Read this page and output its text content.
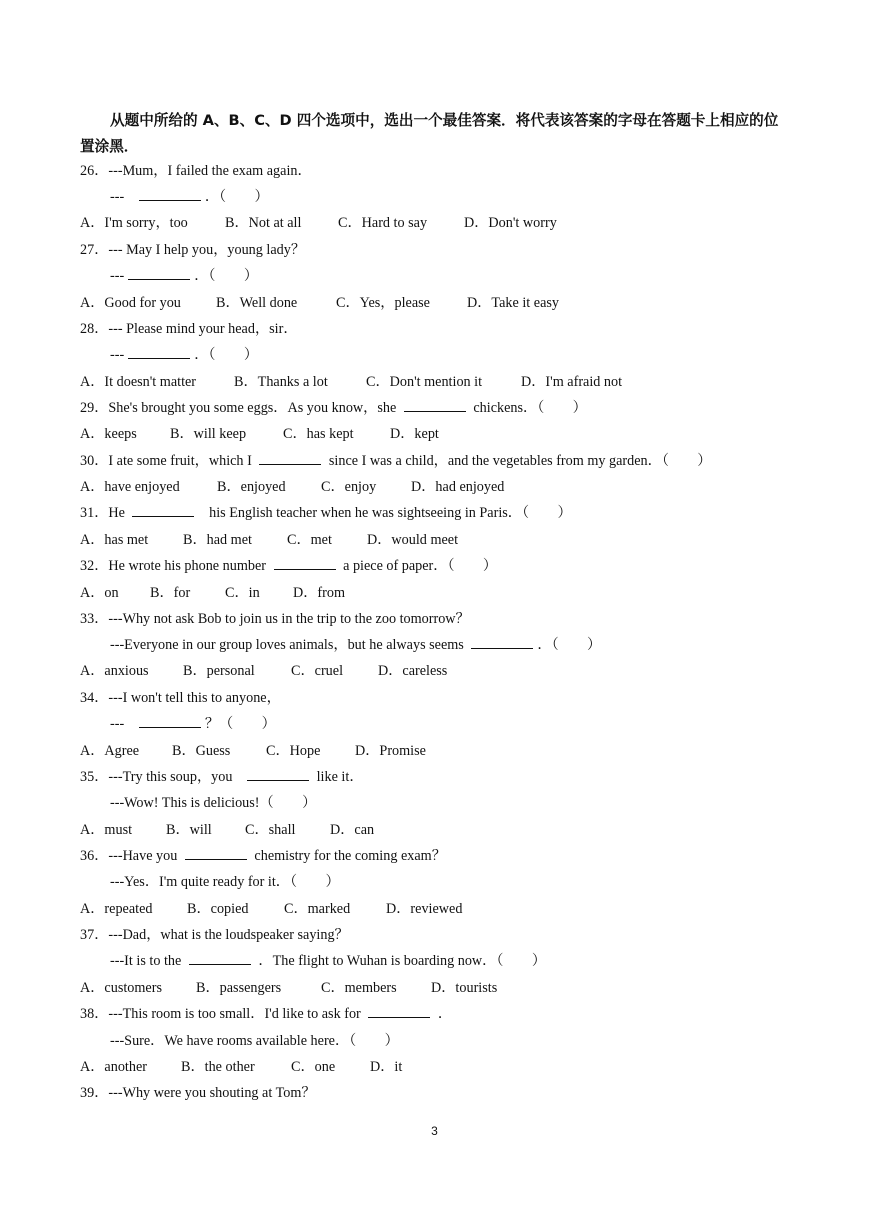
从题中所给的 A、B、C、D 四个选项中，选出一个最佳答案．将代表该答案的字母在答题卡上相应的位置涂黑．
26．---Mum，I failed the exam again．
---	．（　　）

A．I'm sorry，too

	B．Not at all

	C．Hard to say

	D．Don't worry

27．--- May I help you，young lady？
---	．（　　）

A．Good for you

B．Well done

	C．Yes，please

	D．Take it easy

28．--- Please mind your head，sir．
---	．（　　）

A．It doesn't matter

	B．Thanks a lot

	C．Don't mention it

	D．I'm afraid not

29．She's brought you some eggs．As you know，she	chickens．（　　）

A．keeps

B．will keep

	C．has kept

	D．kept

30．I ate some fruit，which I	since I was a child，and the vegetables from my garden．（　　）

A．have enjoyed

	B．enjoyed

C．enjoy

D．had enjoyed

31．He	his English teacher when he was sightseeing in Paris．（　　）

A．has met

B．had met

C．met

D．would meet

32．He wrote his phone number	a piece of paper．（　　）

A．on

B．for

C．in

D．from

33．---Why not ask Bob to join us in the trip to the zoo tomorrow？
---Everyone in our group loves animals，but he always seems	．（　　）

A．anxious

B．personal

	C．cruel

D．careless

34．---I won't tell this to anyone，
---	？（　　）

A．Agree

B．Guess

	C．Hope

D．Promise

35．---Try this soup，you	like it．
---Wow! This is delicious!（　　）

A．must

B．will

C．shall

D．can

36．---Have you	chemistry for the coming exam？
---Yes．I'm quite ready for it．（　　）

A．repeated

B．copied

	C．marked

	D．reviewed

37．---Dad，what is the loudspeaker saying？
---It is to the	．The flight to Wuhan is boarding now．（　　）

A．customers

B．passengers

	C．members

D．tourists

38．---This room is too small．I'd like to ask for	．
---Sure．We have rooms available here．（　　）

A．another

B．the other

	C．one

D．it

39．---Why were you shouting at Tom？
3
